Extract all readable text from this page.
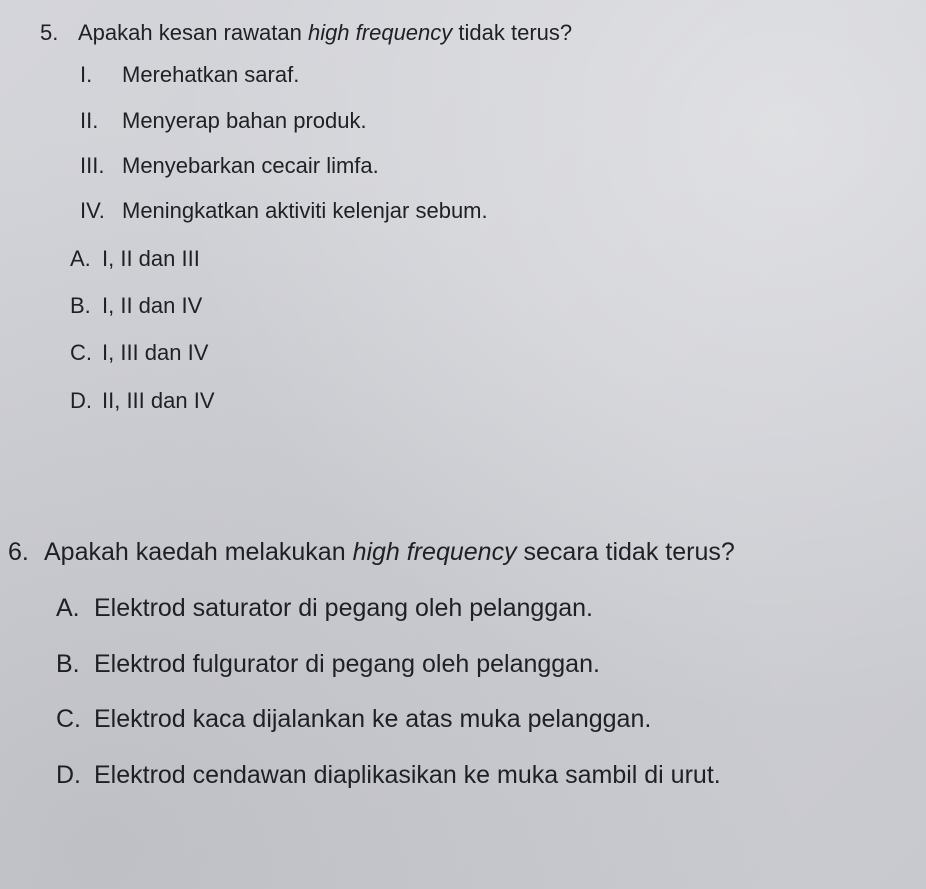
5. Apakah kesan rawatan high frequency tidak terus?
I. Merehatkan saraf.
II. Menyerap bahan produk.
III. Menyebarkan cecair limfa.
IV. Meningkatkan aktiviti kelenjar sebum.
A. I, II dan III
B. I, II dan IV
C. I, III dan IV
D. II, III dan IV
6. Apakah kaedah melakukan high frequency secara tidak terus?
A. Elektrod saturator di pegang oleh pelanggan.
B. Elektrod fulgurator di pegang oleh pelanggan.
C. Elektrod kaca dijalankan ke atas muka pelanggan.
D. Elektrod cendawan diaplikasikan ke muka sambil di urut.
